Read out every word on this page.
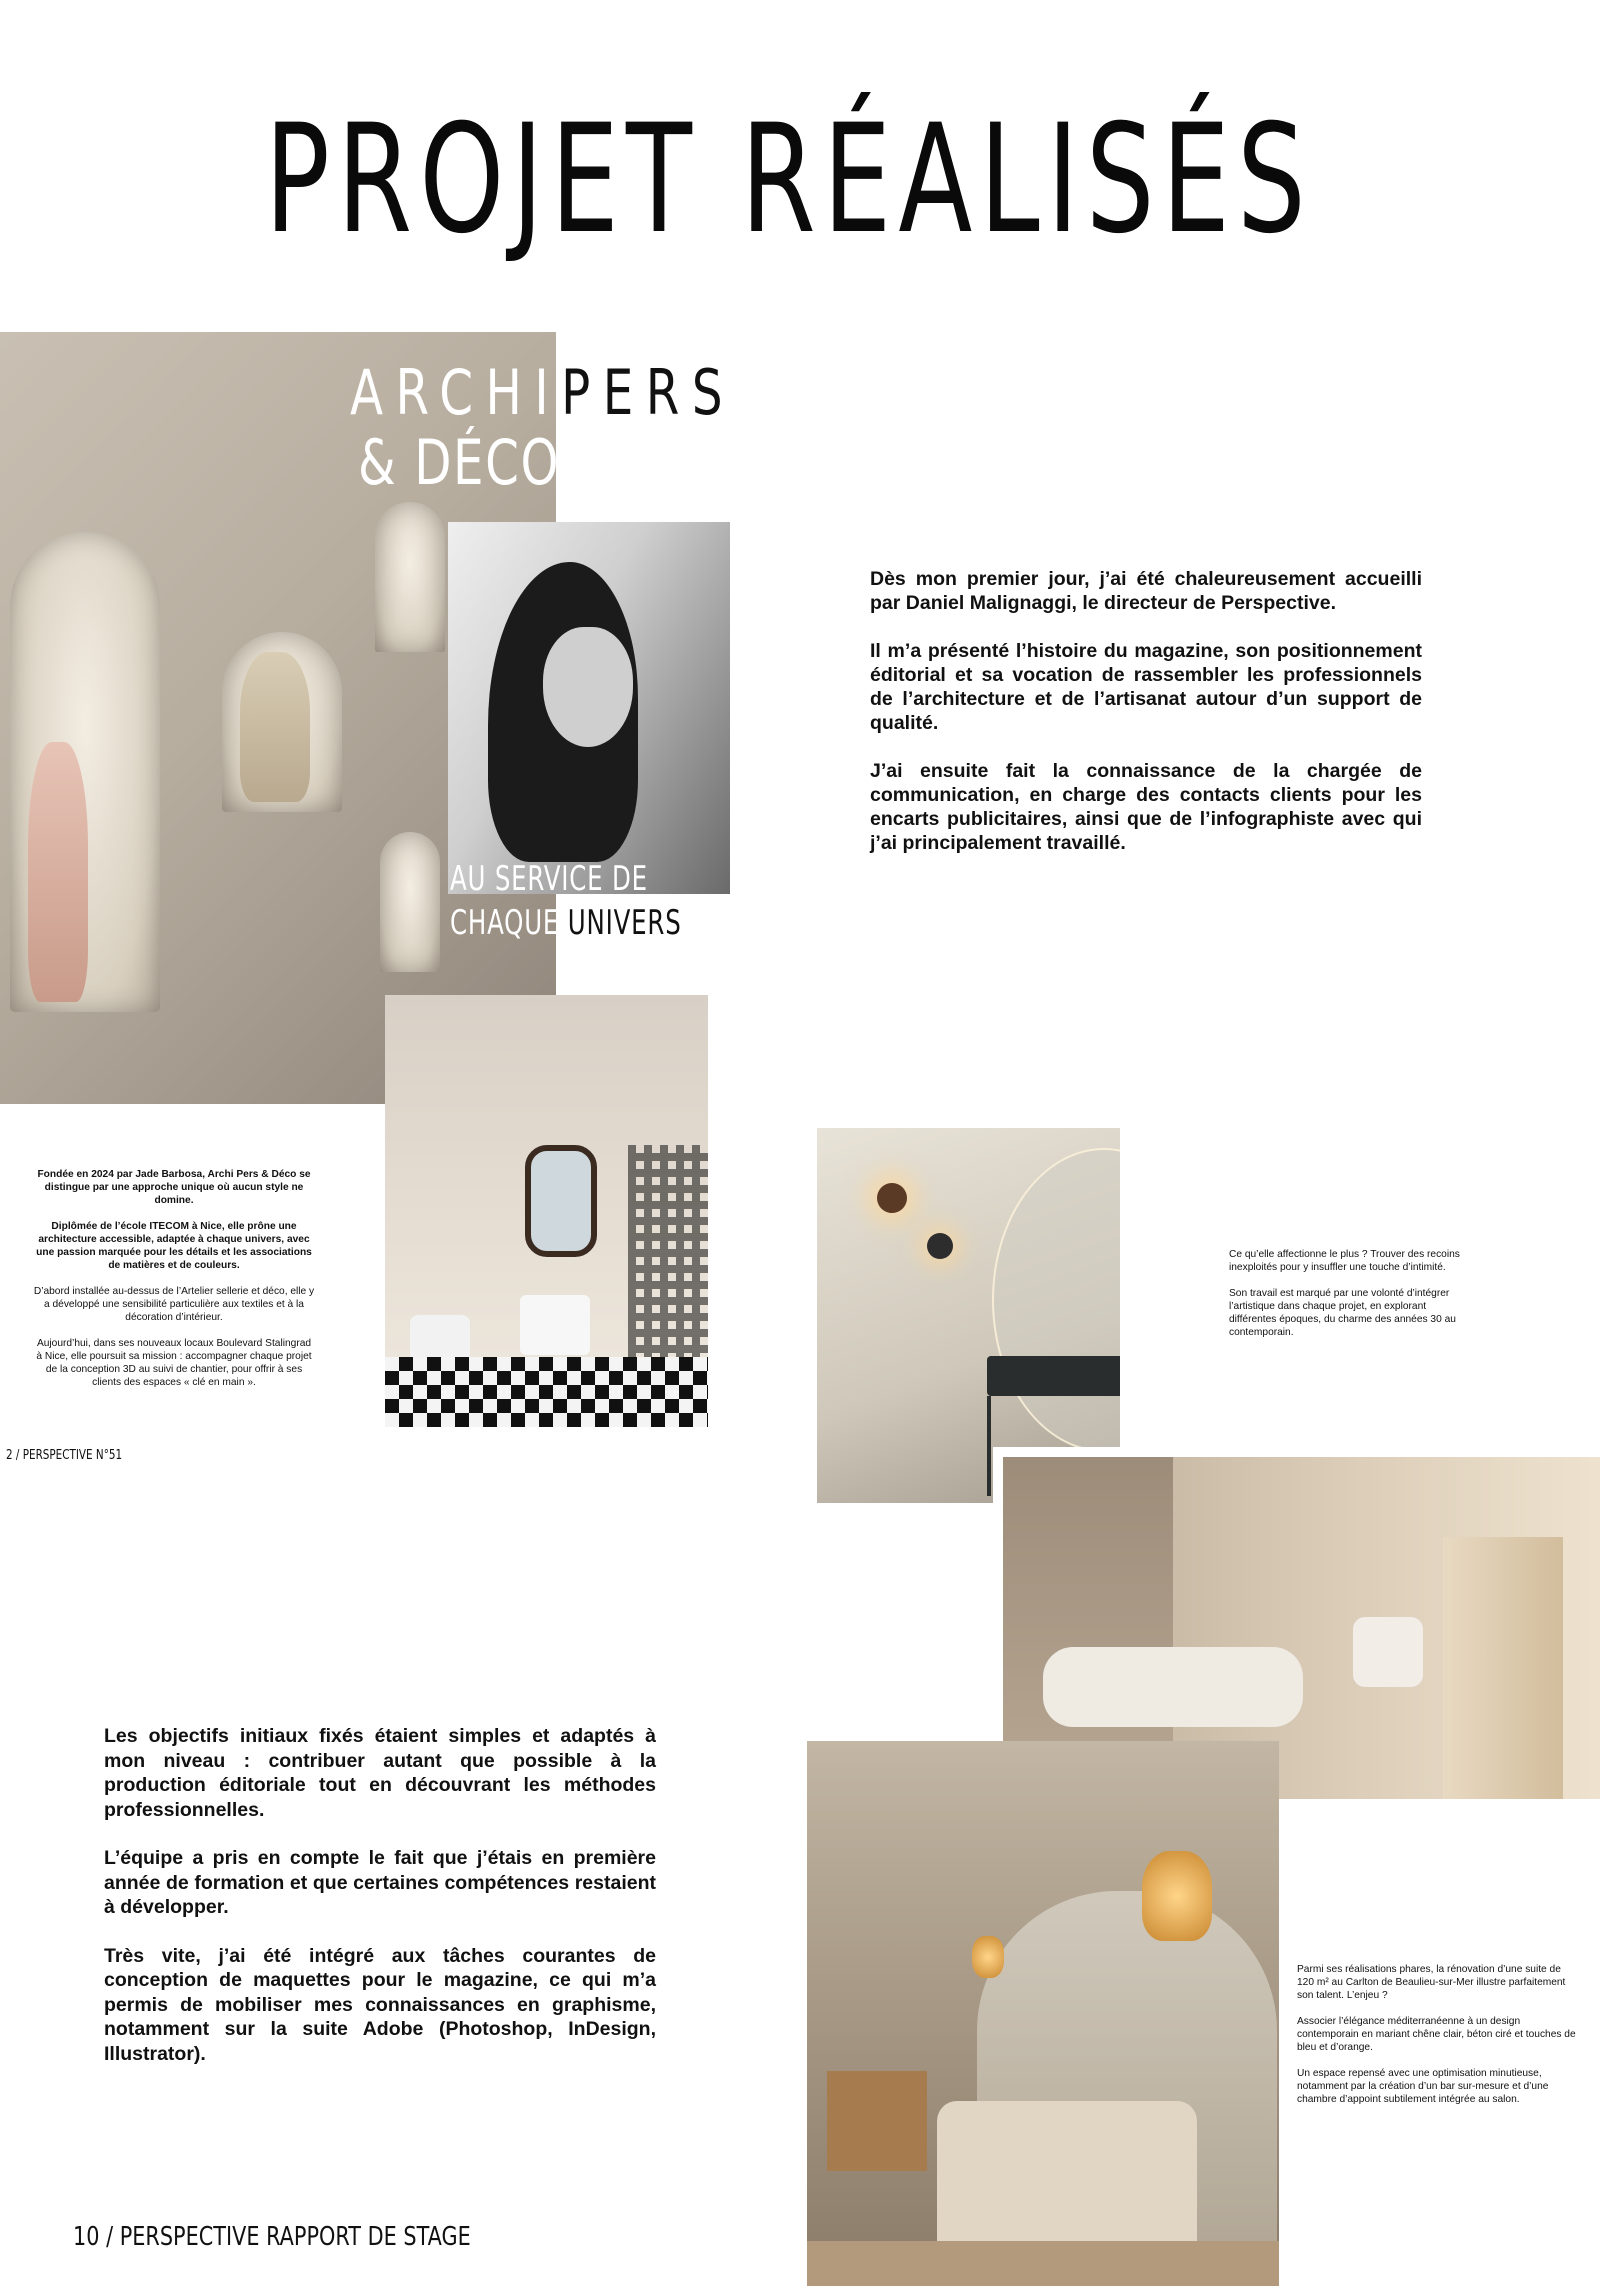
PROJET RÉALISÉS
ARCHIPERS
& DÉCO
AU SERVICE DE
CHAQUE UNIVERS

Dès mon premier jour, j’ai été chaleureusement accueilli par Daniel Malignaggi, le directeur de Perspective.

Il m’a présenté l’histoire du magazine, son positionnement éditorial et sa vocation de rassembler les professionnels de l’architecture et de l’artisanat autour d’un support de qualité.

J’ai ensuite fait la connaissance de la chargée de communication, en charge des contacts clients pour les encarts publicitaires, ainsi que de l’infographiste avec qui j’ai principalement travaillé.

Fondée en 2024 par Jade Barbosa, Archi Pers & Déco se distingue par une approche unique où aucun style ne domine.

Diplômée de l’école ITECOM à Nice, elle prône une architecture accessible, adaptée à chaque univers, avec une passion marquée pour les détails et les associations de matières et de couleurs.

D’abord installée au-dessus de l’Artelier sellerie et déco, elle y a développé une sensibilité particulière aux textiles et à la décoration d’intérieur.

Aujourd’hui, dans ses nouveaux locaux Boulevard Stalingrad à Nice, elle poursuit sa mission : accompagner chaque projet de la conception 3D au suivi de chantier, pour offrir à ses clients des espaces « clé en main ».

2 / PERSPECTIVE N°51

Ce qu’elle affectionne le plus ? Trouver des recoins inexploités pour y insuffler une touche d’intimité.

Son travail est marqué par une volonté d’intégrer l’artistique dans chaque projet, en explorant différentes époques, du charme des années 30 au contemporain.

Les objectifs initiaux fixés étaient simples et adaptés à mon niveau : contribuer autant que possible à la production éditoriale tout en découvrant les méthodes professionnelles.

L’équipe a pris en compte le fait que j’étais en première année de formation et que certaines compétences restaient à développer.

Très vite, j’ai été intégré aux tâches courantes de conception de maquettes pour le magazine, ce qui m’a permis de mobiliser mes connaissances en graphisme, notamment sur la suite Adobe (Photoshop, InDesign, Illustrator).

Parmi ses réalisations phares, la rénovation d’une suite de 120 m² au Carlton de Beaulieu-sur-Mer illustre parfaitement son talent. L’enjeu ?

Associer l’élégance méditerranéenne à un design contemporain en mariant chêne clair, béton ciré et touches de bleu et d’orange.

Un espace repensé avec une optimisation minutieuse, notamment par la création d’un bar sur-mesure et d’une chambre d’appoint subtilement intégrée au salon.

10 / PERSPECTIVE RAPPORT DE STAGE
